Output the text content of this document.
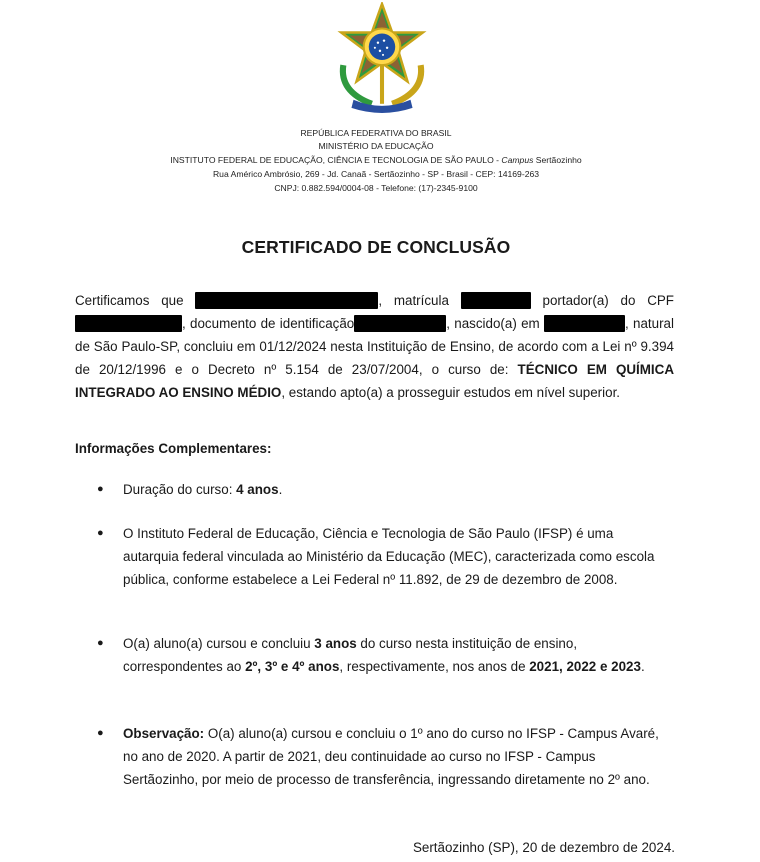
REPÚBLICA FEDERATIVA DO BRASIL
MINISTÉRIO DA EDUCAÇÃO
INSTITUTO FEDERAL DE EDUCAÇÃO, CIÊNCIA E TECNOLOGIA DE SÃO PAULO - Campus Sertãozinho
Rua Américo Ambrósio, 269 - Jd. Canaã - Sertãozinho - SP - Brasil - CEP: 14169-263
CNPJ: 0.882.594/0004-08 - Telefone: (17)-2345-9100
CERTIFICADO DE CONCLUSÃO
Certificamos que	, matrícula	portador(a) do CPF , documento de identificação	, nascido(a) em	, natural de São Paulo-SP, concluiu em 01/12/2024 nesta Instituição de Ensino, de acordo com a Lei nº 9.394 de 20/12/1996 e o Decreto nº 5.154 de 23/07/2004, o curso de: TÉCNICO EM QUÍMICA INTEGRADO AO ENSINO MÉDIO, estando apto(a) a prosseguir estudos em nível superior.
Informações Complementares:
● Duração do curso: 4 anos.
● O Instituto Federal de Educação, Ciência e Tecnologia de São Paulo (IFSP) é uma autarquia federal vinculada ao Ministério da Educação (MEC), caracterizada como escola pública, conforme estabelece a Lei Federal nº 11.892, de 29 de dezembro de 2008.
● O(a) aluno(a) cursou e concluiu 3 anos do curso nesta instituição de ensino, correspondentes ao 2º, 3º e 4º anos, respectivamente, nos anos de 2021, 2022 e 2023.
● Observação: O(a) aluno(a) cursou e concluiu o 1º ano do curso no IFSP - Campus Avaré, no ano de 2020. A partir de 2021, deu continuidade ao curso no IFSP - Campus Sertãozinho, por meio de processo de transferência, ingressando diretamente no 2º ano.
Sertãozinho (SP), 20 de dezembro de 2024.
